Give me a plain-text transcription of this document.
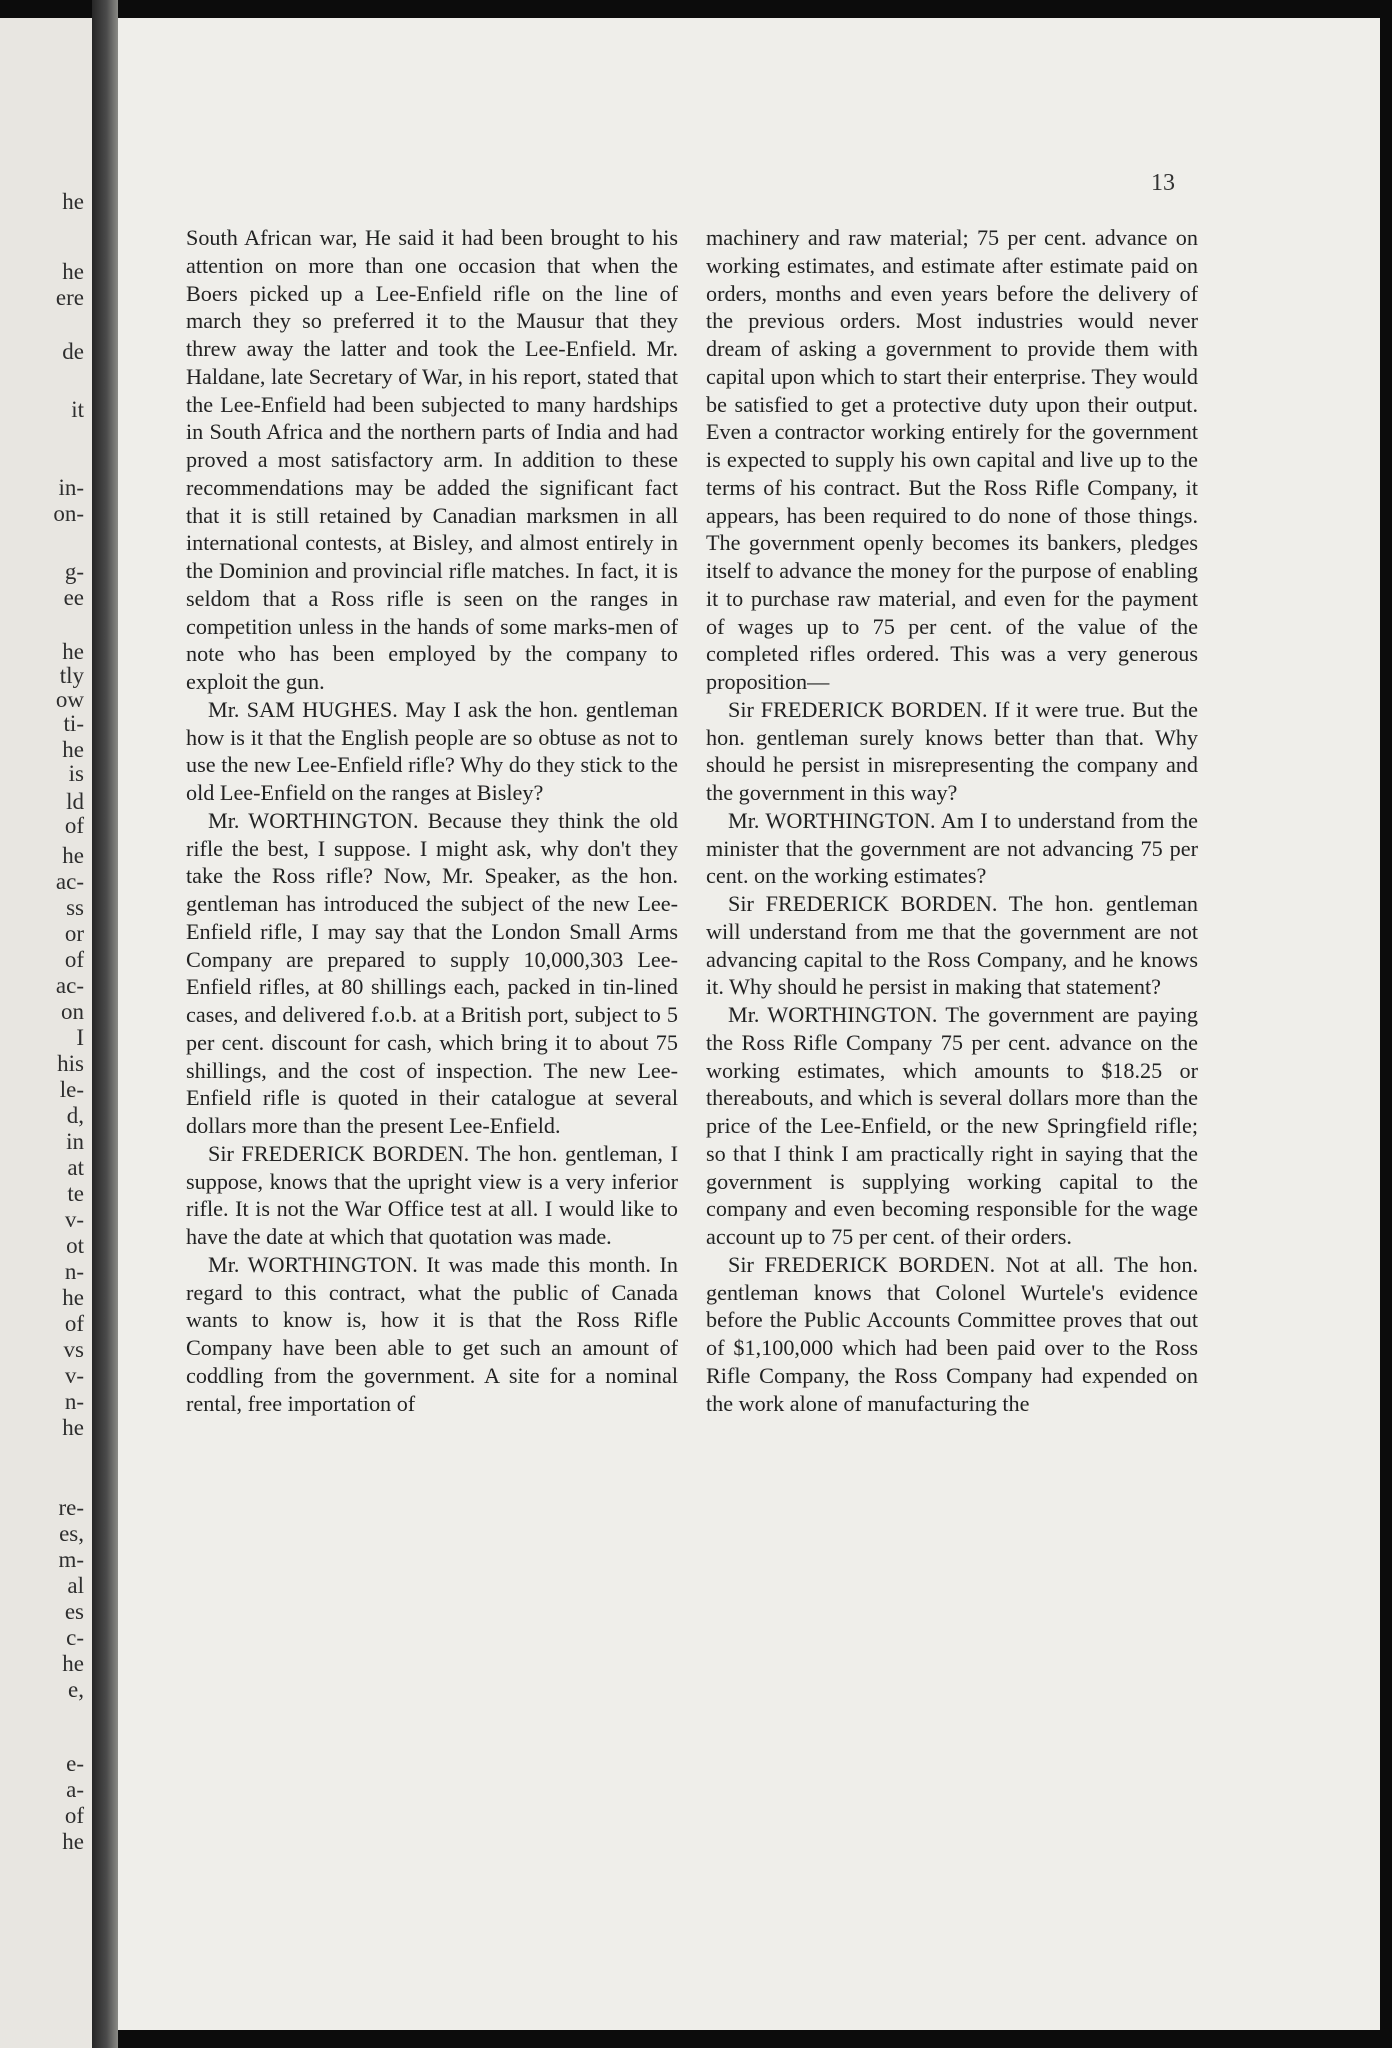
he
he
ere
de
it
in-
on-
g-
ee
he
tly
ow
ti-
he
is
ld
of
he
ac-
ss
or
of
ac-
on
I
his
le-
d,
in
at
te
v-
ot
n-
he
of
vs
v-
n-
he
re-
es,
m-
al
es
c-
he
e,
e-
a-
of
he
13

South African war, He said it had been brought to his attention on more than one occasion that when the Boers picked up a Lee-Enfield rifle on the line of march they so preferred it to the Mausur that they threw away the latter and took the Lee-Enfield. Mr. Haldane, late Secretary of War, in his report, stated that the Lee-Enfield had been subjected to many hardships in South Africa and the northern parts of India and had proved a most satisfactory arm. In addition to these recommendations may be added the significant fact that it is still retained by Canadian marksmen in all international contests, at Bisley, and almost entirely in the Dominion and provincial rifle matches. In fact, it is seldom that a Ross rifle is seen on the ranges in competition unless in the hands of some marks-men of note who has been employed by the company to exploit the gun.

Mr. SAM HUGHES. May I ask the hon. gentleman how is it that the English people are so obtuse as not to use the new Lee-Enfield rifle? Why do they stick to the old Lee-Enfield on the ranges at Bisley?

Mr. WORTHINGTON. Because they think the old rifle the best, I suppose. I might ask, why don't they take the Ross rifle? Now, Mr. Speaker, as the hon. gentleman has introduced the subject of the new Lee-Enfield rifle, I may say that the London Small Arms Company are prepared to supply 10,000,303 Lee-Enfield rifles, at 80 shillings each, packed in tin-lined cases, and delivered f.o.b. at a British port, subject to 5 per cent. discount for cash, which bring it to about 75 shillings, and the cost of inspection. The new Lee-Enfield rifle is quoted in their catalogue at several dollars more than the present Lee-Enfield.

Sir FREDERICK BORDEN. The hon. gentleman, I suppose, knows that the upright view is a very inferior rifle. It is not the War Office test at all. I would like to have the date at which that quotation was made.

Mr. WORTHINGTON. It was made this month. In regard to this contract, what the public of Canada wants to know is, how it is that the Ross Rifle Company have been able to get such an amount of coddling from the government. A site for a nominal rental, free importation of

machinery and raw material; 75 per cent. advance on working estimates, and estimate after estimate paid on orders, months and even years before the delivery of the previous orders. Most industries would never dream of asking a government to provide them with capital upon which to start their enterprise. They would be satisfied to get a protective duty upon their output. Even a contractor working entirely for the government is expected to supply his own capital and live up to the terms of his contract. But the Ross Rifle Company, it appears, has been required to do none of those things. The government openly becomes its bankers, pledges itself to advance the money for the purpose of enabling it to purchase raw material, and even for the payment of wages up to 75 per cent. of the value of the completed rifles ordered. This was a very generous proposition—

Sir FREDERICK BORDEN. If it were true. But the hon. gentleman surely knows better than that. Why should he persist in misrepresenting the company and the government in this way?

Mr. WORTHINGTON. Am I to understand from the minister that the government are not advancing 75 per cent. on the working estimates?

Sir FREDERICK BORDEN. The hon. gentleman will understand from me that the government are not advancing capital to the Ross Company, and he knows it. Why should he persist in making that statement?

Mr. WORTHINGTON. The government are paying the Ross Rifle Company 75 per cent. advance on the working estimates, which amounts to $18.25 or thereabouts, and which is several dollars more than the price of the Lee-Enfield, or the new Springfield rifle; so that I think I am practically right in saying that the government is supplying working capital to the company and even becoming responsible for the wage account up to 75 per cent. of their orders.

Sir FREDERICK BORDEN. Not at all. The hon. gentleman knows that Colonel Wurtele's evidence before the Public Accounts Committee proves that out of $1,100,000 which had been paid over to the Ross Rifle Company, the Ross Company had expended on the work alone of manufacturing the
